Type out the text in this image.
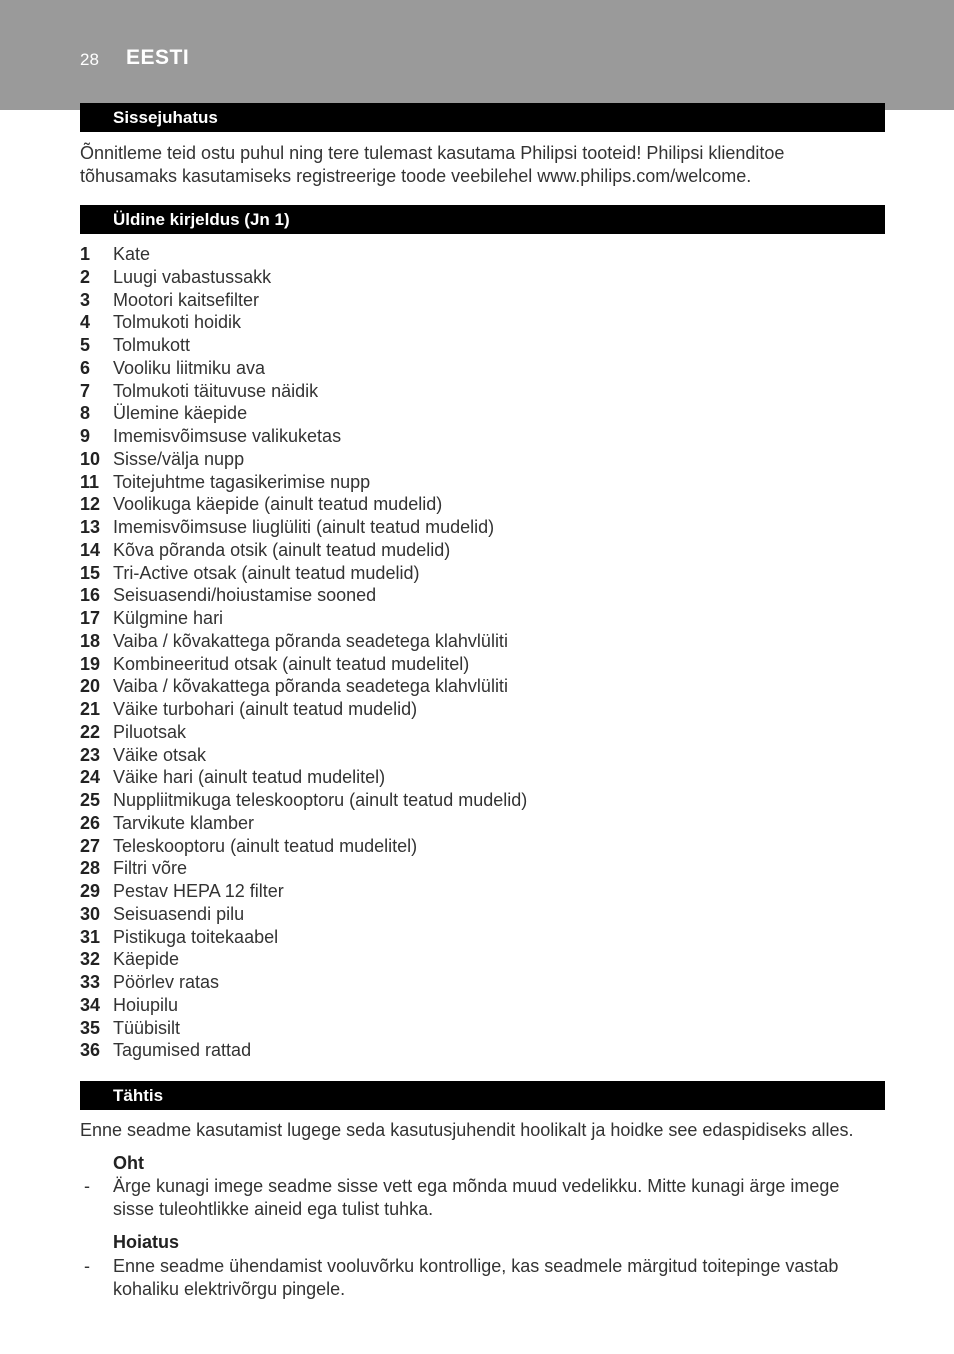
28 EESTI
Sissejuhatus

Õnnitleme teid ostu puhul ning tere tulemast kasutama Philipsi tooteid! Philipsi klienditoe tõhusamaks kasutamiseks registreerige toode veebilehel www.philips.com/welcome.

Üldine kirjeldus (Jn 1)
1 Kate
2 Luugi vabastussakk
3 Mootori kaitsefilter
4 Tolmukoti hoidik
5 Tolmukott
6 Vooliku liitmiku ava
7 Tolmukoti täituvuse näidik
8 Ülemine käepide
9 Imemisvõimsuse valikuketas
10 Sisse/välja nupp
11 Toitejuhtme tagasikerimise nupp
12 Voolikuga käepide (ainult teatud mudelid)
13 Imemisvõimsuse liuglüliti (ainult teatud mudelid)
14 Kõva põranda otsik (ainult teatud mudelid)
15 Tri-Active otsak (ainult teatud mudelid)
16 Seisuasendi/hoiustamise sooned
17 Külgmine hari
18 Vaiba / kõvakattega põranda seadetega klahvlüliti
19 Kombineeritud otsak (ainult teatud mudelitel)
20 Vaiba / kõvakattega põranda seadetega klahvlüliti
21 Väike turbohari (ainult teatud mudelid)
22 Piluotsak
23 Väike otsak
24 Väike hari (ainult teatud mudelitel)
25 Nuppliitmikuga teleskooptoru (ainult teatud mudelid)
26 Tarvikute klamber
27 Teleskooptoru (ainult teatud mudelitel)
28 Filtri võre
29 Pestav HEPA 12 filter
30 Seisuasendi pilu
31 Pistikuga toitekaabel
32 Käepide
33 Pöörlev ratas
34 Hoiupilu
35 Tüübisilt
36 Tagumised rattad
Tähtis

Enne seadme kasutamist lugege seda kasutusjuhendit hoolikalt ja hoidke see edaspidiseks alles.

Oht
- Ärge kunagi imege seadme sisse vett ega mõnda muud vedelikku. Mitte kunagi ärge imege sisse tuleohtlikke aineid ega tulist tuhka.
Hoiatus
- Enne seadme ühendamist vooluvõrku kontrollige, kas seadmele märgitud toitepinge vastab kohaliku elektrivõrgu pingele.
